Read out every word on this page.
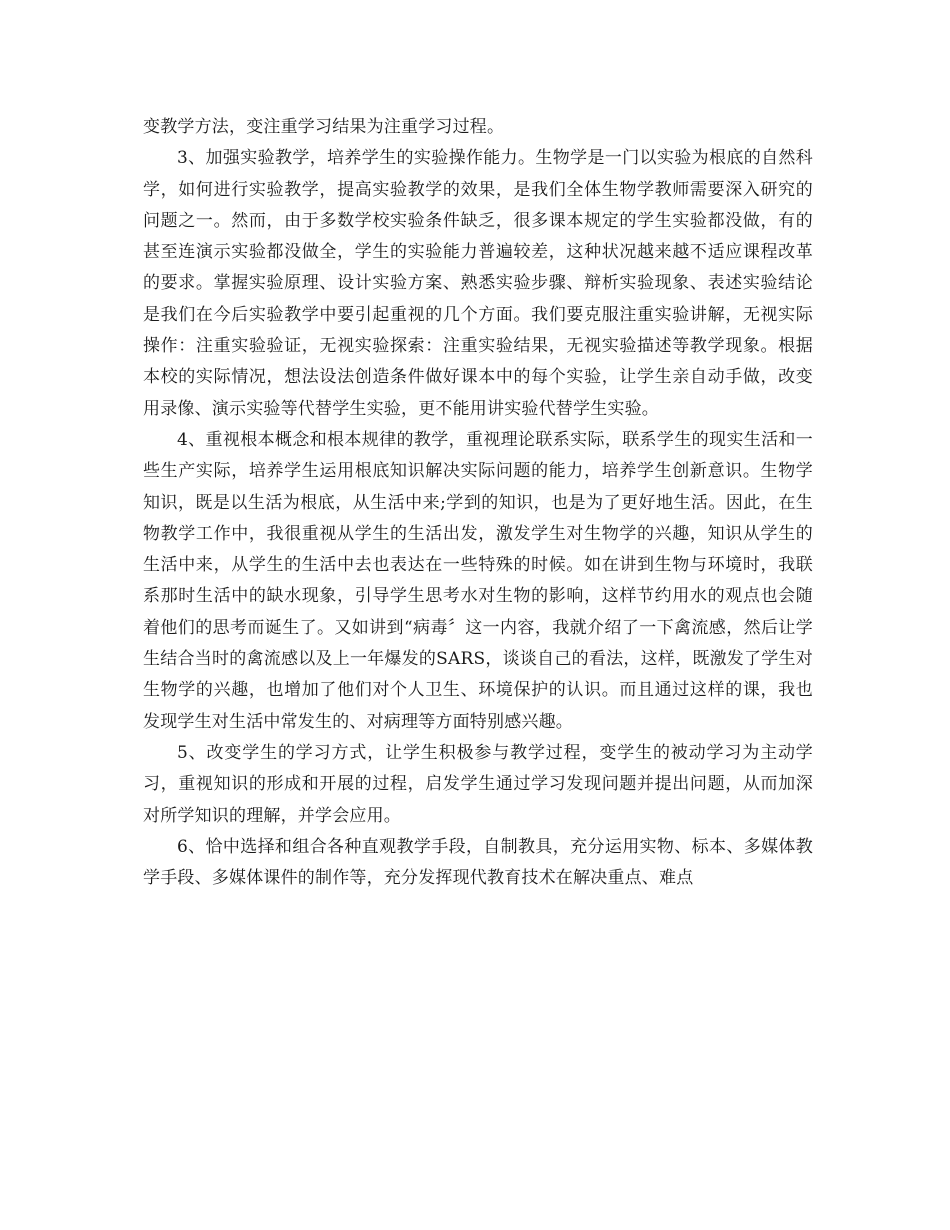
变教学方法，变注重学习结果为注重学习过程。

3、加强实验教学，培养学生的实验操作能力。生物学是一门以实验为根底的自然科学，如何进行实验教学，提高实验教学的效果，是我们全体生物学教师需要深入研究的问题之一。然而，由于多数学校实验条件缺乏，很多课本规定的学生实验都没做，有的甚至连演示实验都没做全，学生的实验能力普遍较差，这种状况越来越不适应课程改革的要求。掌握实验原理、设计实验方案、熟悉实验步骤、辩析实验现象、表述实验结论是我们在今后实验教学中要引起重视的几个方面。我们要克服注重实验讲解，无视实际操作：注重实验验证，无视实验探索：注重实验结果，无视实验描述等教学现象。根据本校的实际情况，想法设法创造条件做好课本中的每个实验，让学生亲自动手做，改变用录像、演示实验等代替学生实验，更不能用讲实验代替学生实验。

4、重视根本概念和根本规律的教学，重视理论联系实际，联系学生的现实生活和一些生产实际，培养学生运用根底知识解决实际问题的能力，培养学生创新意识。生物学知识，既是以生活为根底，从生活中来;学到的知识，也是为了更好地生活。因此，在生物教学工作中，我很重视从学生的生活出发，激发学生对生物学的兴趣，知识从学生的生活中来，从学生的生活中去也表达在一些特殊的时候。如在讲到生物与环境时，我联系那时生活中的缺水现象，引导学生思考水对生物的影响，这样节约用水的观点也会随着他们的思考而诞生了。又如讲到“病毒〞这一内容，我就介绍了一下禽流感，然后让学生结合当时的禽流感以及上一年爆发的SARS，谈谈自己的看法，这样，既激发了学生对生物学的兴趣，也增加了他们对个人卫生、环境保护的认识。而且通过这样的课，我也发现学生对生活中常发生的、对病理等方面特别感兴趣。

5、改变学生的学习方式，让学生积极参与教学过程，变学生的被动学习为主动学习，重视知识的形成和开展的过程，启发学生通过学习发现问题并提出问题，从而加深对所学知识的理解，并学会应用。

6、恰中选择和组合各种直观教学手段，自制教具，充分运用实物、标本、多媒体教学手段、多媒体课件的制作等，充分发挥现代教育技术在解决重点、难点
